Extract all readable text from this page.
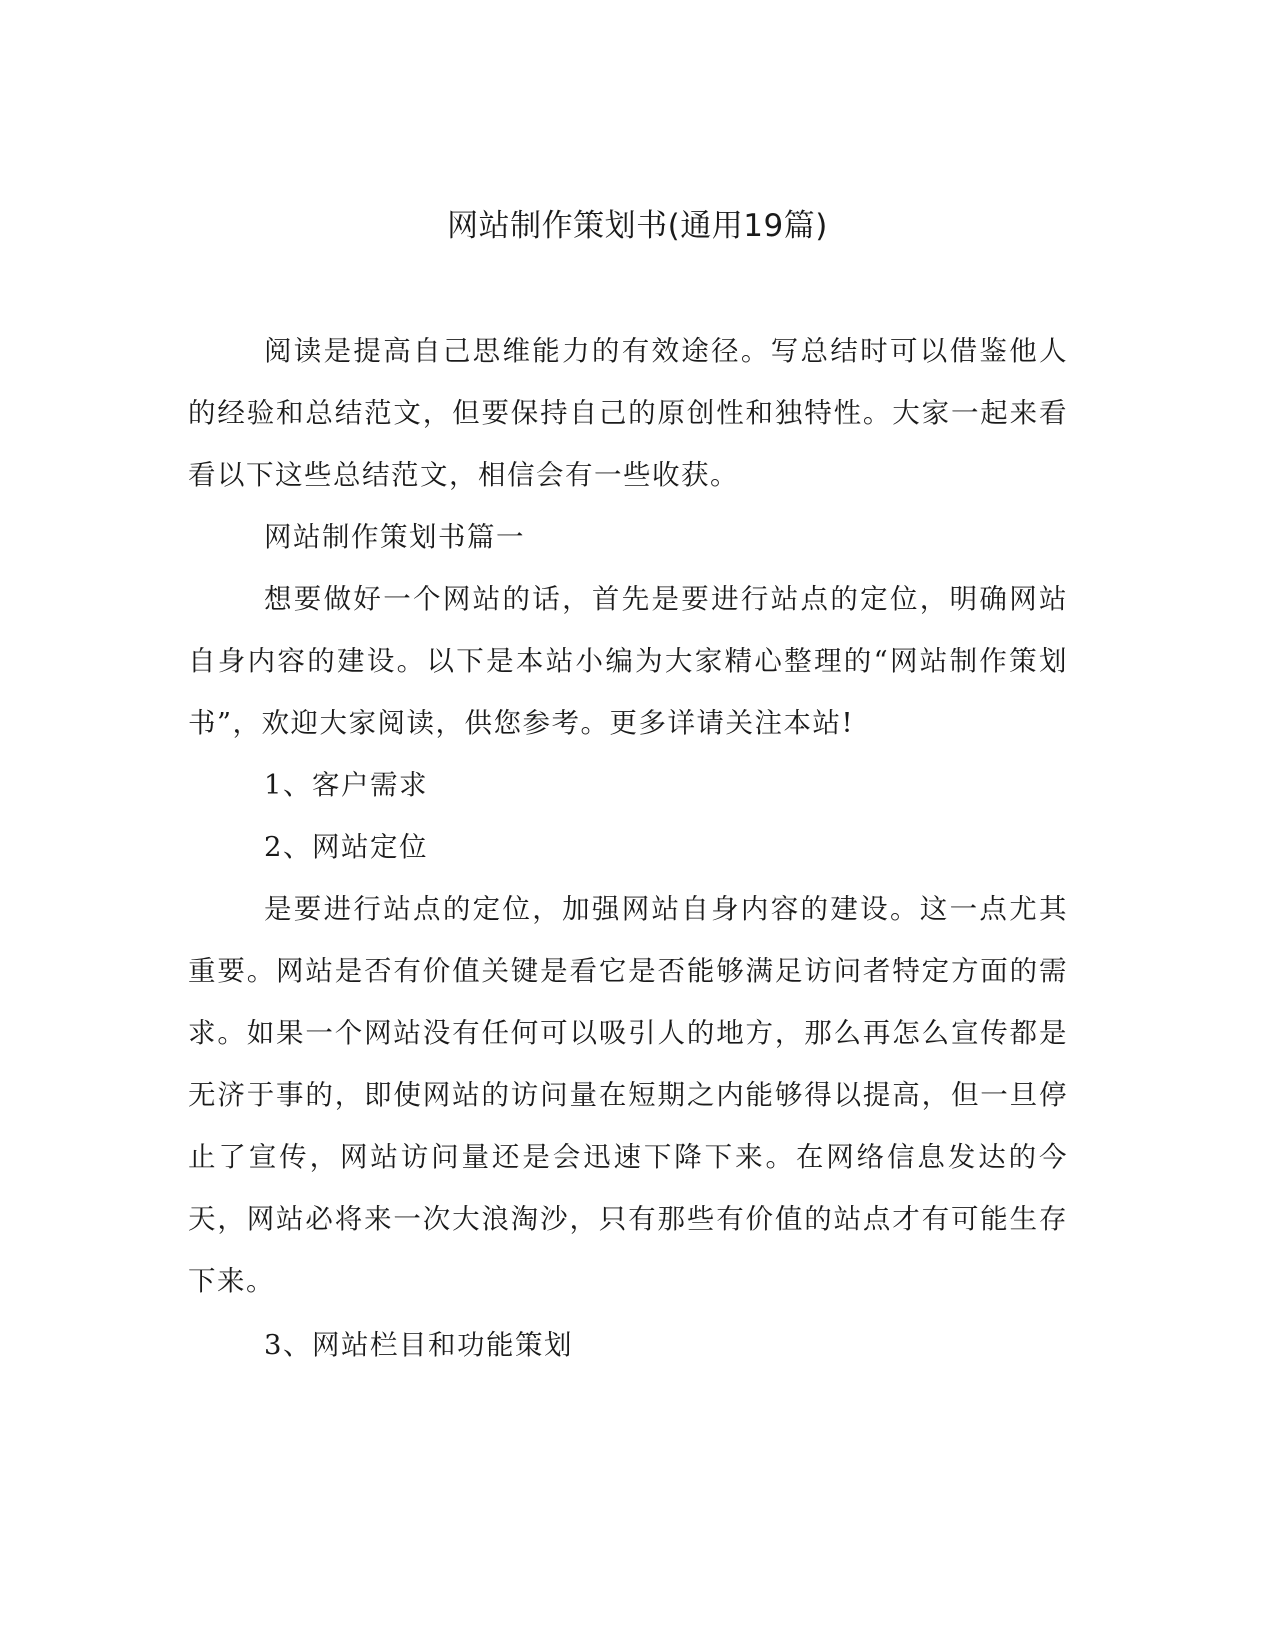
网站制作策划书(通用19篇)

阅读是提高自己思维能力的有效途径。写总结时可以借鉴他人的经验和总结范文，但要保持自己的原创性和独特性。大家一起来看看以下这些总结范文，相信会有一些收获。

网站制作策划书篇一

想要做好一个网站的话，首先是要进行站点的定位，明确网站自身内容的建设。以下是本站小编为大家精心整理的“网站制作策划书”，欢迎大家阅读，供您参考。更多详请关注本站!

1、客户需求

2、网站定位

是要进行站点的定位，加强网站自身内容的建设。这一点尤其重要。网站是否有价值关键是看它是否能够满足访问者特定方面的需求。如果一个网站没有任何可以吸引人的地方，那么再怎么宣传都是无济于事的，即使网站的访问量在短期之内能够得以提高，但一旦停止了宣传，网站访问量还是会迅速下降下来。在网络信息发达的今天，网站必将来一次大浪淘沙，只有那些有价值的站点才有可能生存下来。

3、网站栏目和功能策划
